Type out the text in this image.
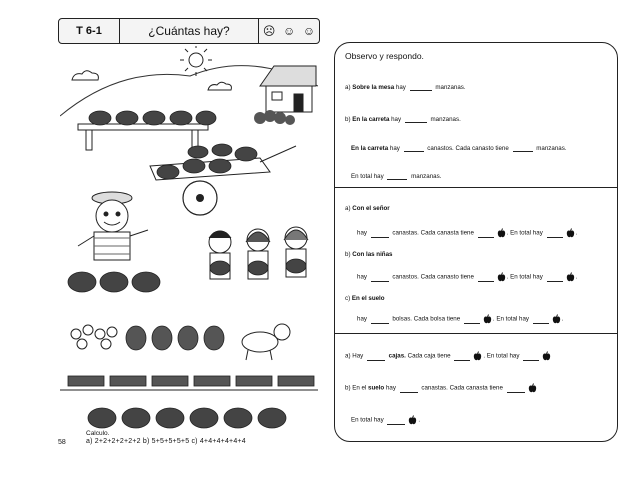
T 6-1	¿Cuántas hay?	☹ ☺ ☺
58
Calculo.
a) 2+2+2+2+2+2 b) 5+5+5+5+5 c) 4+4+4+4+4+4
Observo y respondo.
a) Sobre la mesa hay	manzanas.
b) En la carreta hay	manzanas.
En la carreta hay	canastos. Cada canasto tiene	manzanas.
En total hay	manzanas.
a) Con el señor
hay	canastas. Cada canasta tiene	. En total hay	.
b) Con las niñas
hay	canastos. Cada canasto tiene	. En total hay	.
c) En el suelo
hay	bolsas. Cada bolsa tiene	. En total hay	.
a) Hay	cajas. Cada caja tiene	. En total hay
b) En el suelo hay	canastas. Cada canasta tiene
En total hay	.
